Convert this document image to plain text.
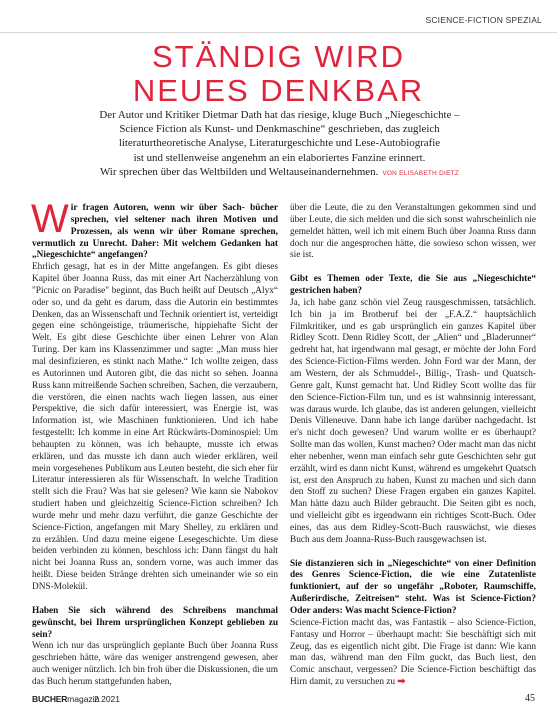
SCIENCE-FICTION SPEZIAL
STÄNDIG WIRD
NEUES DENKBAR
Der Autor und Kritiker Dietmar Dath hat das riesige, kluge Buch „Niegeschichte –
Science Fiction als Kunst- und Denkmaschine“ geschrieben, das zugleich
literaturtheoretische Analyse, Literaturgeschichte und Lese-Autobiografie
ist und stellenweise angenehm an ein elaboriertes Fanzine erinnert.
Wir sprechen über das Weltbilden und Weltauseinandernehmen. VON ELISABETH DIETZ

Wir fragen Autoren, wenn wir über Sach- bücher sprechen, viel seltener nach ihren Motiven und Prozessen, als wenn wir über Romane sprechen, vermutlich zu Unrecht. Daher: Mit welchem Gedanken hat „Niegeschichte“ angefangen?

Ehrlich gesagt, hat es in der Mitte angefangen. Es gibt dieses Kapitel über Joanna Russ, das mit einer Art Nacherzählung von "Picnic on Paradise" beginnt, das Buch heißt auf Deutsch „Alyx“ oder so, und da geht es darum, dass die Autorin ein bestimmtes Denken, das an Wissenschaft und Technik orientiert ist, verteidigt gegen eine schöngeistige, träumerische, hippiehafte Sicht der Welt. Es gibt diese Geschichte über einen Lehrer von Alan Turing. Der kam ins Klassenzimmer und sagte: „Man muss hier mal desinfizieren, es stinkt nach Mathe.“ Ich wollte zeigen, dass es Autorinnen und Autoren gibt, die das nicht so sehen. Joanna Russ kann mitreißende Sachen schreiben, Sachen, die verzaubern, die verstören, die einen nachts wach liegen lassen, aus einer Perspektive, die sich dafür interessiert, was Energie ist, was Information ist, wie Maschinen funktionieren. Und ich habe festgestellt: Ich komme in eine Art Rückwärts-Dominospiel: Um behaupten zu können, was ich behaupte, musste ich etwas erklären, und das musste ich dann auch wieder erklären, weil mein vorgesehenes Publikum aus Leuten besteht, die sich eher für Literatur interessieren als für Wissenschaft. In welche Tradition stellt sich die Frau? Was hat sie gelesen? Wie kann sie Nabokov studiert haben und gleichzeitig Science-Fiction schreiben? Ich wurde mehr und mehr dazu verführt, die ganze Geschichte der Science-Fiction, angefangen mit Mary Shelley, zu erklären und zu erzählen. Und dazu meine eigene Lesegeschichte. Um diese beiden verbinden zu können, beschloss ich: Dann fängst du halt nicht bei Joanna Russ an, sondern vorne, was auch immer das heißt. Diese beiden Stränge drehten sich umeinander wie so ein DNS-Molekül.

Haben Sie sich während des Schreibens manchmal gewünscht, bei Ihrem ursprünglichen Konzept geblieben zu sein?

Wenn ich nur das ursprünglich geplante Buch über Joanna Russ geschrieben hätte, wäre das weniger anstrengend gewesen, aber auch weniger nützlich. Ich bin froh über die Diskussionen, die um das Buch herum stattgefunden haben,

über die Leute, die zu den Veranstaltungen gekommen sind und über Leute, die sich melden und die sich sonst wahrscheinlich nie gemeldet hätten, weil ich mit einem Buch über Joanna Russ dann doch nur die angesprochen hätte, die sowieso schon wissen, wer sie ist.

Gibt es Themen oder Texte, die Sie aus „Niegeschichte“ gestrichen haben?

Ja, ich habe ganz schön viel Zeug rausgeschmissen, tatsächlich. Ich bin ja im Brotberuf bei der „F.A.Z.“ hauptsächlich Filmkritiker, und es gab ursprünglich ein ganzes Kapitel über Ridley Scott. Denn Ridley Scott, der „Alien“ und „Bladerunner“ gedreht hat, hat irgendwann mal gesagt, er möchte der John Ford des Science-Fiction-Films werden. John Ford war der Mann, der am Western, der als Schmuddel-, Billig-, Trash- und Quatsch-Genre galt, Kunst gemacht hat. Und Ridley Scott wollte das für den Science-Fiction-Film tun, und es ist wahnsinnig interessant, was daraus wurde. Ich glaube, das ist anderen gelungen, vielleicht Denis Villeneuve. Dann habe ich lange darüber nachgedacht. Ist er's nicht doch gewesen? Und warum wollte er es überhaupt? Sollte man das wollen, Kunst machen? Oder macht man das nicht eher nebenher, wenn man einfach sehr gute Geschichten sehr gut erzählt, wird es dann nicht Kunst, während es umgekehrt Quatsch ist, erst den Anspruch zu haben, Kunst zu machen und sich dann den Stoff zu suchen? Diese Fragen ergaben ein ganzes Kapitel. Man hätte dazu auch Bilder gebraucht. Die Seiten gibt es noch, und vielleicht gibt es irgendwann ein richtiges Scott-Buch. Oder eines, das aus dem Ridley-Scott-Buch rauswächst, wie dieses Buch aus dem Joanna-Russ-Buch rausgewachsen ist.

Sie distanzieren sich in „Niegeschichte“ von einer Definition des Genres Science-Fiction, die wie eine Zutatenliste funktioniert, auf der so ungefähr „Roboter, Raumschiffe, Außerirdische, Zeitreisen“ steht. Was ist Science-Fiction? Oder anders: Was macht Science-Fiction?

Science-Fiction macht das, was Fantastik – also Science-Fiction, Fantasy und Horror – überhaupt macht: Sie beschäftigt sich mit Zeug, das es eigentlich nicht gibt. Die Frage ist dann: Wie kann man das, während man den Film guckt, das Buch liest, den Comic anschaut, vergessen? Die Science-Fiction beschäftigt das Hirn damit, zu versuchen zu ➡

BUCHERmagazin
2.2021	45
